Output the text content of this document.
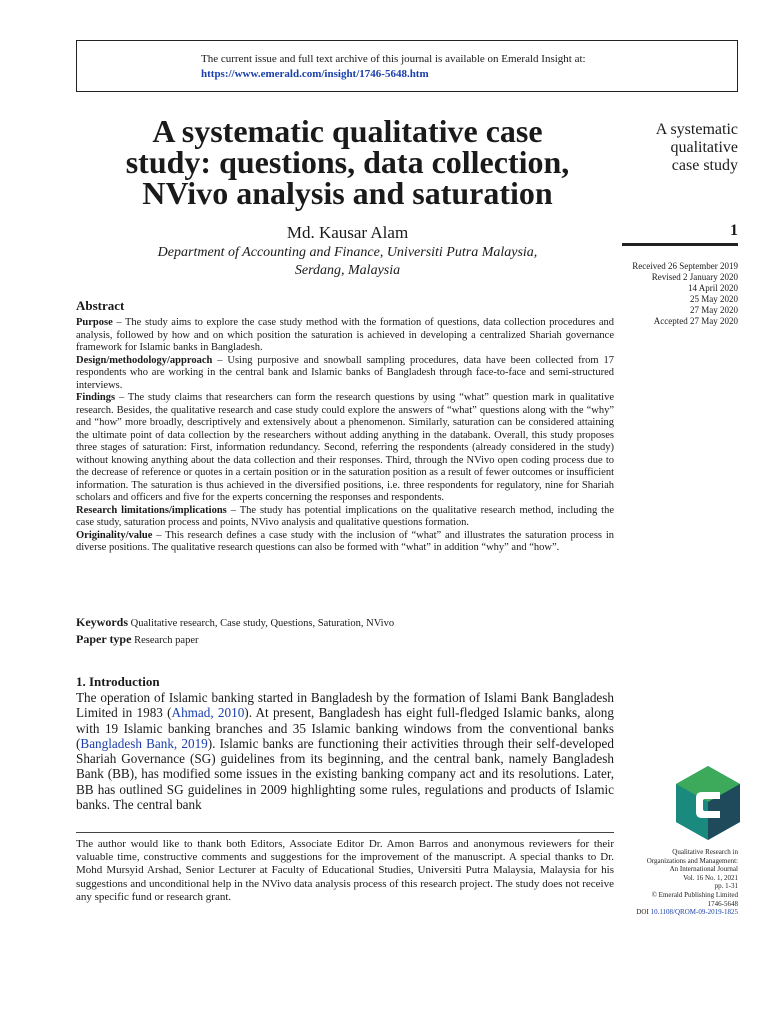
The current issue and full text archive of this journal is available on Emerald Insight at:
https://www.emerald.com/insight/1746-5648.htm
A systematic qualitative case
study: questions, data collection,
NVivo analysis and saturation
Md. Kausar Alam
Department of Accounting and Finance, Universiti Putra Malaysia,
Serdang, Malaysia
A systematic
qualitative
case study
1
Received 26 September 2019
Revised 2 January 2020
14 April 2020
25 May 2020
27 May 2020
Accepted 27 May 2020
Abstract

Purpose – The study aims to explore the case study method with the formation of questions, data collection procedures and analysis, followed by how and on which position the saturation is achieved in developing a centralized Shariah governance framework for Islamic banks in Bangladesh.

Design/methodology/approach – Using purposive and snowball sampling procedures, data have been collected from 17 respondents who are working in the central bank and Islamic banks of Bangladesh through face-to-face and semi-structured interviews.

Findings – The study claims that researchers can form the research questions by using “what” question mark in qualitative research. Besides, the qualitative research and case study could explore the answers of “what” questions along with the “why” and “how” more broadly, descriptively and extensively about a phenomenon. Similarly, saturation can be considered attaining the ultimate point of data collection by the researchers without adding anything in the databank. Overall, this study proposes three stages of saturation: First, information redundancy. Second, referring the respondents (already considered in the study) without knowing anything about the data collection and their responses. Third, through the NVivo open coding process due to the decrease of reference or quotes in a certain position or in the saturation position as a result of fewer outcomes or insufficient information. The saturation is thus achieved in the diversified positions, i.e. three respondents for regulatory, nine for Shariah scholars and officers and five for the experts concerning the responses and respondents.

Research limitations/implications – The study has potential implications on the qualitative research method, including the case study, saturation process and points, NVivo analysis and qualitative questions formation.

Originality/value – This research defines a case study with the inclusion of “what” and illustrates the saturation process in diverse positions. The qualitative research questions can also be formed with “what” in addition “why” and “how”.

Keywords Qualitative research, Case study, Questions, Saturation, NVivo
Paper type Research paper
1. Introduction
The operation of Islamic banking started in Bangladesh by the formation of Islami Bank Bangladesh Limited in 1983 (Ahmad, 2010). At present, Bangladesh has eight full-fledged Islamic banks, along with 19 Islamic banking branches and 35 Islamic banking windows from the conventional banks (Bangladesh Bank, 2019). Islamic banks are functioning their activities through their self-developed Shariah Governance (SG) guidelines from its beginning, and the central bank, namely Bangladesh Bank (BB), has modified some issues in the existing banking company act and its resolutions. Later, BB has outlined SG guidelines in 2009 highlighting some rules, regulations and products of Islamic banks. The central bank
The author would like to thank both Editors, Associate Editor Dr. Amon Barros and anonymous reviewers for their valuable time, constructive comments and suggestions for the improvement of the manuscript. A special thanks to Dr. Mohd Mursyid Arshad, Senior Lecturer at Faculty of Educational Studies, Universiti Putra Malaysia, Malaysia for his suggestions and unconditional help in the NVivo data analysis process of this research project. The study does not receive any specific fund or research grant.
Qualitative Research in
Organizations and Management:
An International Journal
Vol. 16 No. 1, 2021
pp. 1-31
© Emerald Publishing Limited
1746-5648
DOI 10.1108/QROM-09-2019-1825
